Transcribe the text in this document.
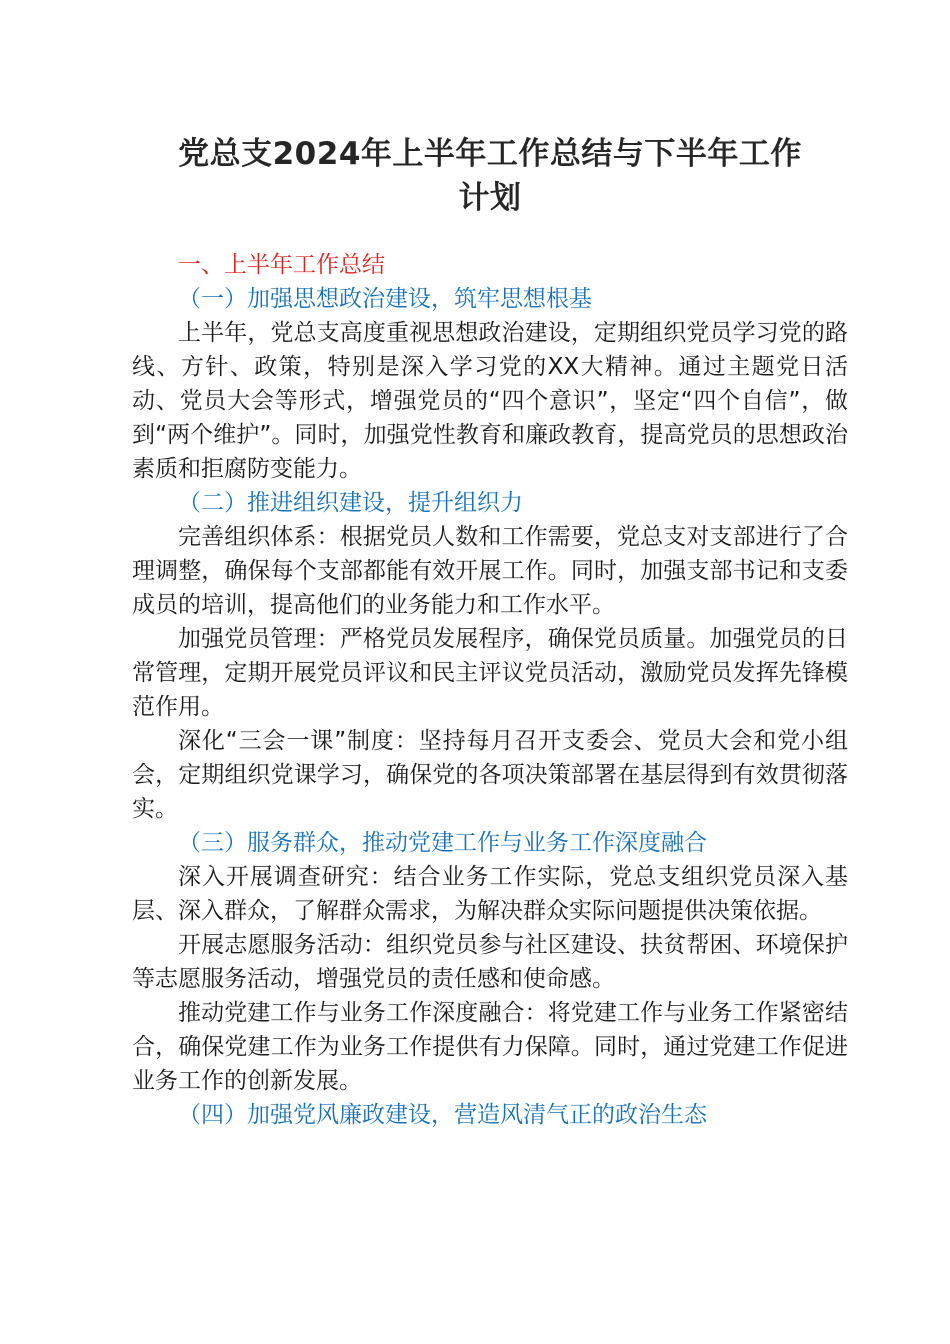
党总支2024年上半年工作总结与下半年工作
计划

一、上半年工作总结

（一）加强思想政治建设，筑牢思想根基

上半年，党总支高度重视思想政治建设，定期组织党员学习党的路线、方针、政策，特别是深入学习党的XX大精神。通过主题党日活动、党员大会等形式，增强党员的“四个意识”，坚定“四个自信”，做到“两个维护”。同时，加强党性教育和廉政教育，提高党员的思想政治素质和拒腐防变能力。

（二）推进组织建设，提升组织力

完善组织体系：根据党员人数和工作需要，党总支对支部进行了合理调整，确保每个支部都能有效开展工作。同时，加强支部书记和支委成员的培训，提高他们的业务能力和工作水平。

加强党员管理：严格党员发展程序，确保党员质量。加强党员的日常管理，定期开展党员评议和民主评议党员活动，激励党员发挥先锋模范作用。

深化“三会一课”制度：坚持每月召开支委会、党员大会和党小组会，定期组织党课学习，确保党的各项决策部署在基层得到有效贯彻落实。

（三）服务群众，推动党建工作与业务工作深度融合

深入开展调查研究：结合业务工作实际，党总支组织党员深入基层、深入群众，了解群众需求，为解决群众实际问题提供决策依据。

开展志愿服务活动：组织党员参与社区建设、扶贫帮困、环境保护等志愿服务活动，增强党员的责任感和使命感。

推动党建工作与业务工作深度融合：将党建工作与业务工作紧密结合，确保党建工作为业务工作提供有力保障。同时，通过党建工作促进业务工作的创新发展。

（四）加强党风廉政建设，营造风清气正的政治生态
